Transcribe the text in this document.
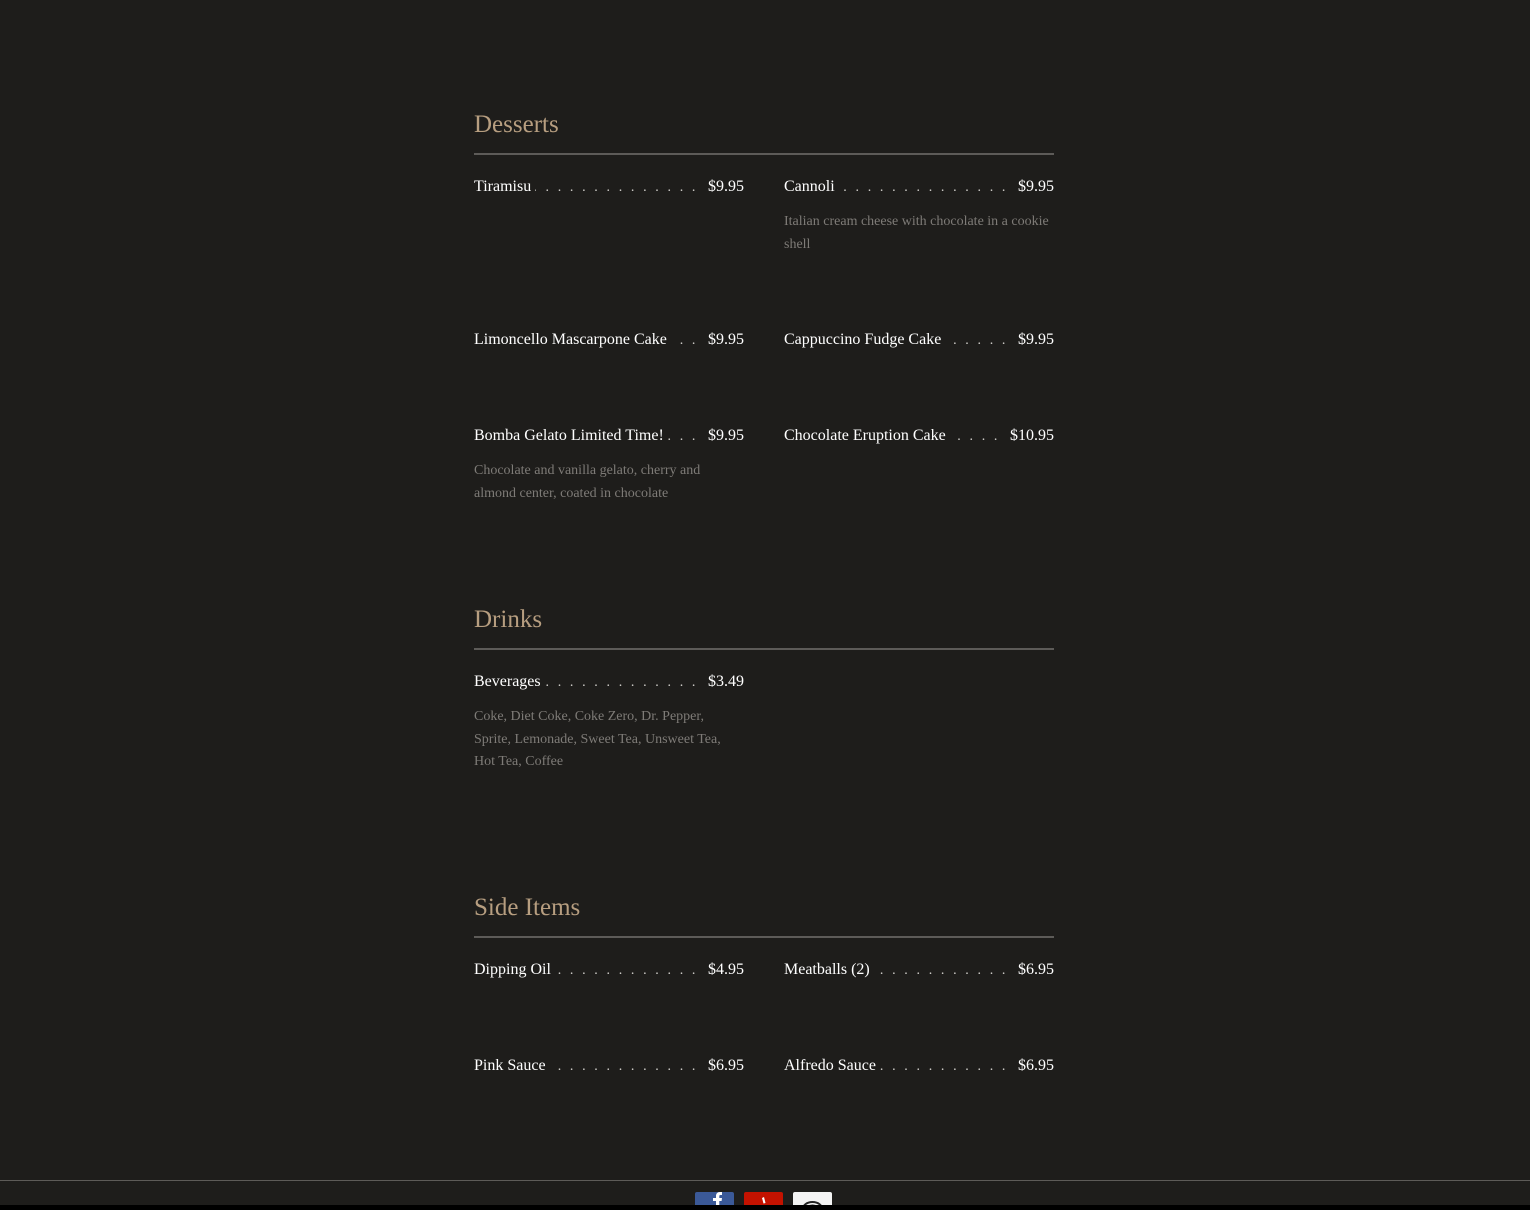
Desserts
Tiramisu . . .	$9.95	Cannoli . . .	$9.95
Italian cream cheese with chocolate in a cookie shell
Limoncello Mascarpone Cake . . .	$9.95	Cappuccino Fudge Cake . . .	$9.95
Bomba Gelato Limited Time! . . .	$9.95
Chocolate and vanilla gelato, cherry and almond center, coated in chocolate
Chocolate Eruption Cake . . .	$10.95
Drinks
Beverages . . .	$3.49
Coke, Diet Coke, Coke Zero, Dr. Pepper, Sprite, Lemonade, Sweet Tea, Unsweet Tea, Hot Tea, Coffee
Side Items
Dipping Oil . . .	$4.95	Meatballs (2) . . .	$6.95
Pink Sauce . . .	$6.95	Alfredo Sauce . . .	$6.95
